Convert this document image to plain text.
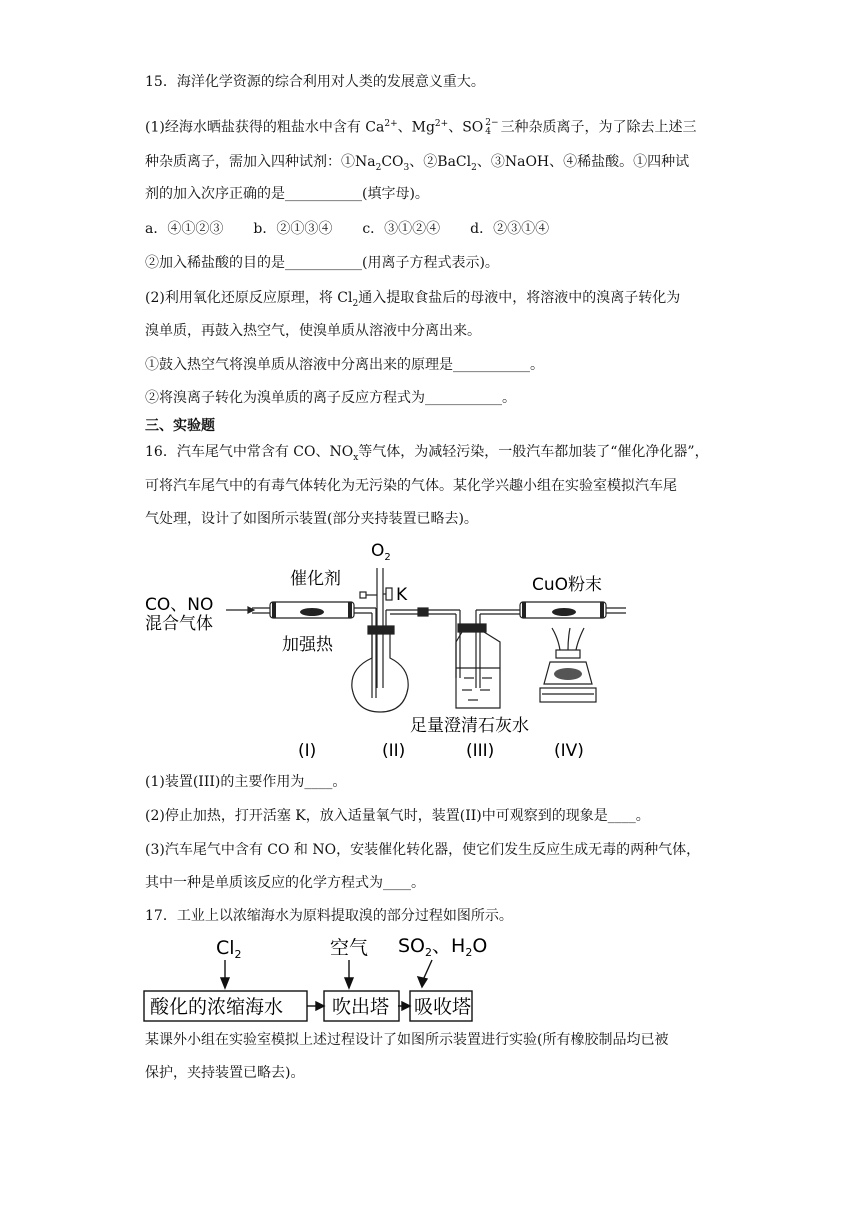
15．海洋化学资源的综合利用对人类的发展意义重大。
(1)经海水晒盐获得的粗盐水中含有 $Ca^{2+}$、$Mg^{2+}$、SO 2−
4 三种杂质离子，为了除去上述三
种杂质离子，需加入四种试剂：$①Na_2CO_3$、②BaCl$_2$、③NaOH、④稀盐酸。①四种试
剂的加入次序正确的是___________(填字母)。
a．④①②③ b．②①③④ c．③①②④ d．②③①④
②加入稀盐酸的目的是___________(用离子方程式表示)。
(2)利用氧化还原反应原理，将 $Cl_2$通入提取食盐后的母液中，将溶液中的溴离子转化为
溴单质，再鼓入热空气，使溴单质从溶液中分离出来。
①鼓入热空气将溴单质从溶液中分离出来的原理是___________。
②将溴离子转化为溴单质的离子反应方程式为___________。
三、实验题
16．汽车尾气中常含有 CO、$NO_x$等气体，为减轻污染，一般汽车都加装了“催化净化器”，
可将汽车尾气中的有毒气体转化为无污染的气体。某化学兴趣小组在实验室模拟汽车尾
气处理，设计了如图所示装置(部分夹持装置已略去)。
CO、NO
混合气体
催化剂
加强热
$O_2$
K	CuO粉末
足量澄清石灰水
(I)	(II)	(III)	(IV)
(1)装置(III)的主要作用为____。
(2)停止加热，打开活塞 K，放入适量氧气时，装置(II)中可观察到的现象是____。
(3)汽车尾气中含有 CO 和 NO，安装催化转化器，使它们发生反应生成无毒的两种气体，
其中一种是单质该反应的化学方程式为____。
17．工业上以浓缩海水为原料提取溴的部分过程如图所示。
$Cl_2$	空气 $SO_2$、$H_2O$
酸化的浓缩海水	吹出塔 吸收塔
某课外小组在实验室模拟上述过程设计了如图所示装置进行实验(所有橡胶制品均已被
保护，夹持装置已略去)。
